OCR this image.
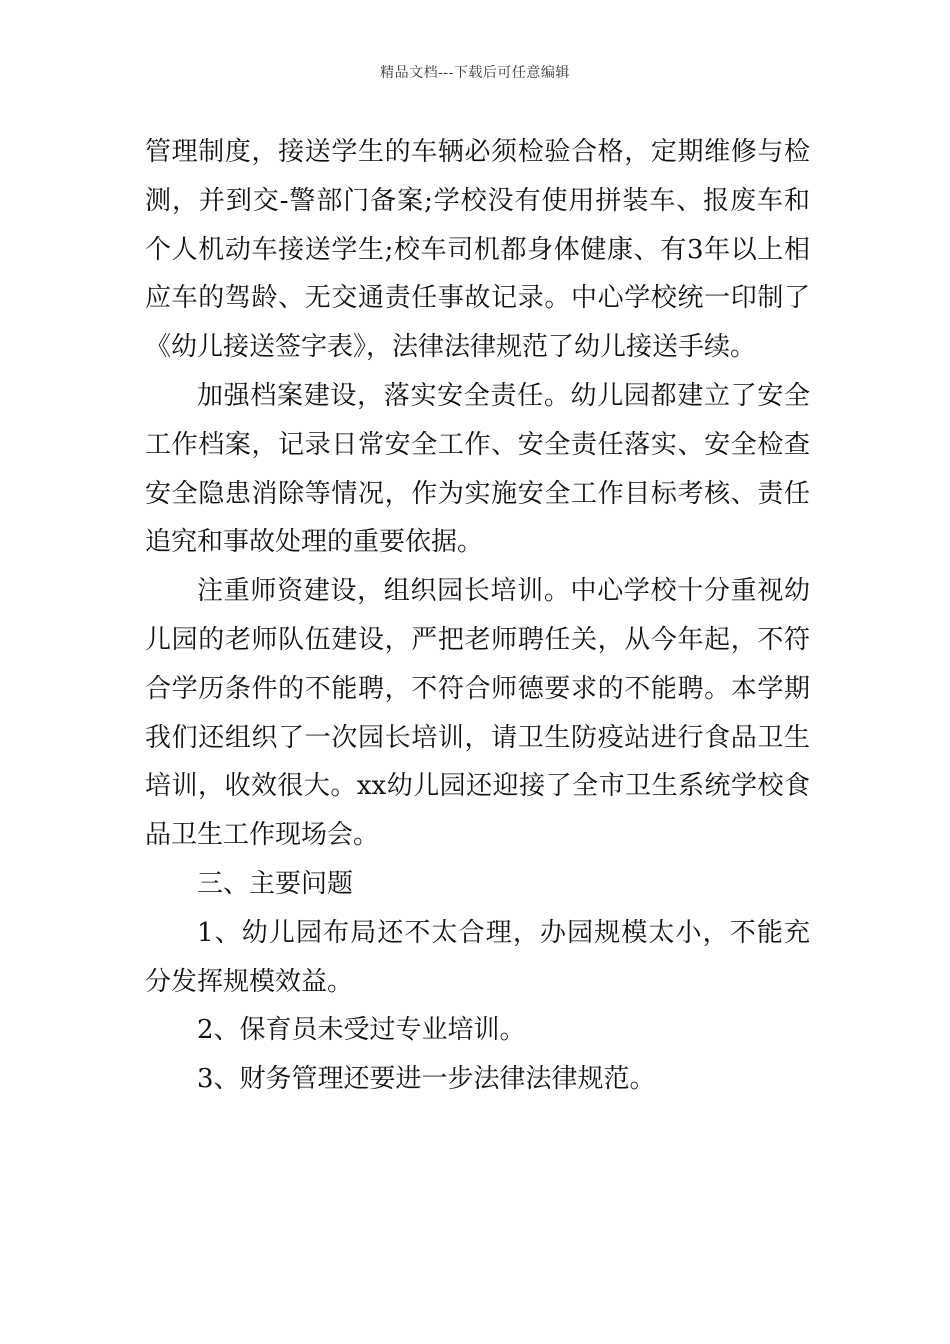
精品文档---下载后可任意编辑

管理制度，接送学生的车辆必须检验合格，定期维修与检测，并到交-警部门备案;学校没有使用拼装车、报废车和个人机动车接送学生;校车司机都身体健康、有3年以上相应车的驾龄、无交通责任事故记录。中心学校统一印制了《幼儿接送签字表》，法律法律规范了幼儿接送手续。

加强档案建设，落实安全责任。幼儿园都建立了安全工作档案，记录日常安全工作、安全责任落实、安全检查安全隐患消除等情况，作为实施安全工作目标考核、责任追究和事故处理的重要依据。

注重师资建设，组织园长培训。中心学校十分重视幼儿园的老师队伍建设，严把老师聘任关，从今年起，不符合学历条件的不能聘，不符合师德要求的不能聘。本学期我们还组织了一次园长培训，请卫生防疫站进行食品卫生培训，收效很大。xx幼儿园还迎接了全市卫生系统学校食品卫生工作现场会。

三、主要问题

1、幼儿园布局还不太合理，办园规模太小，不能充分发挥规模效益。

2、保育员未受过专业培训。

3、财务管理还要进一步法律法律规范。
